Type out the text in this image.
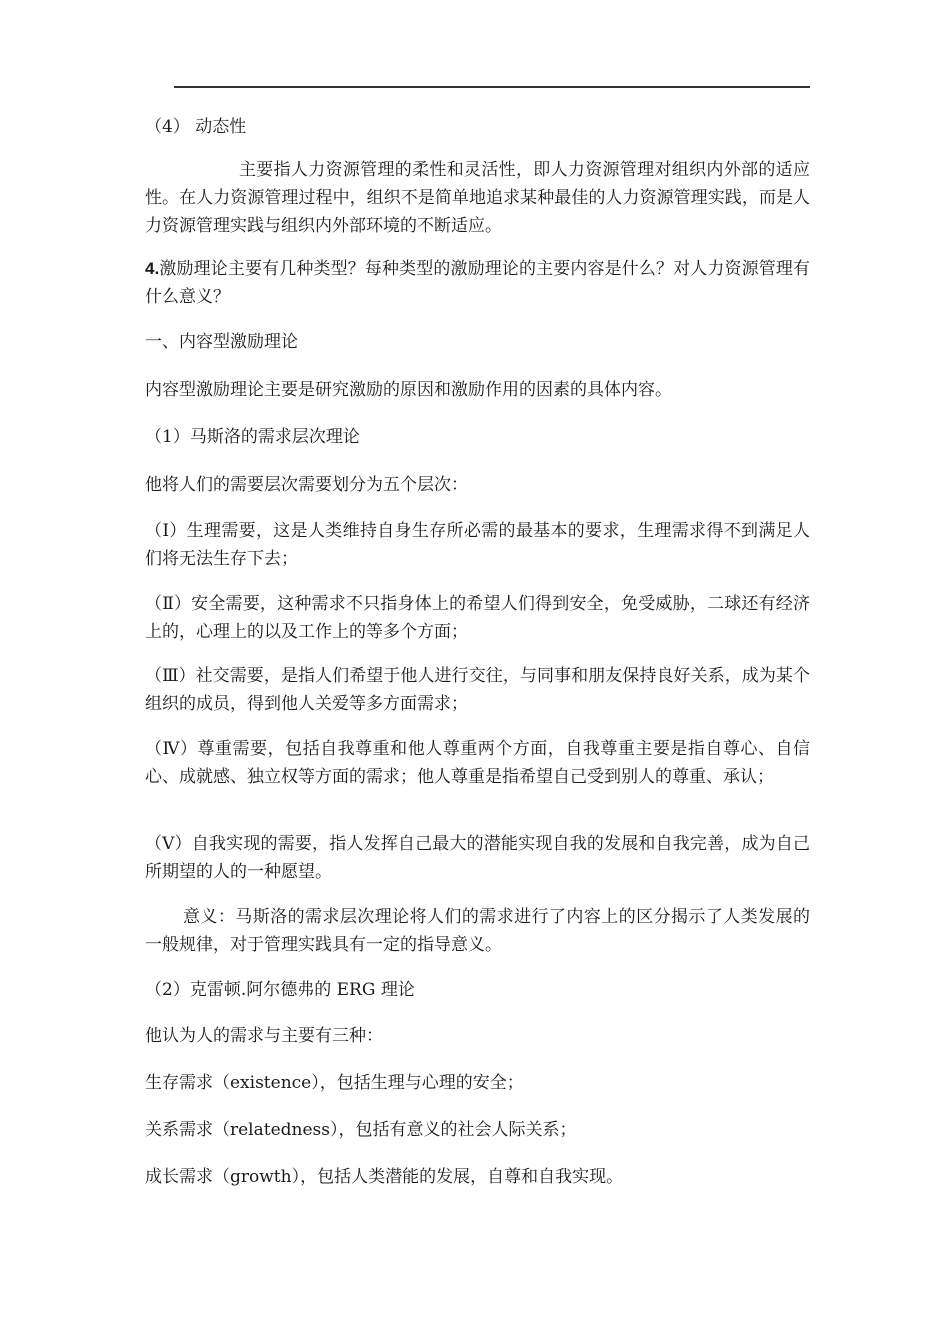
（4） 动态性

主要指人力资源管理的柔性和灵活性，即人力资源管理对组织内外部的适应性。在人力资源管理过程中，组织不是简单地追求某种最佳的人力资源管理实践，而是人力资源管理实践与组织内外部环境的不断适应。

4.激励理论主要有几种类型？每种类型的激励理论的主要内容是什么？对人力资源管理有什么意义？

一、内容型激励理论

内容型激励理论主要是研究激励的原因和激励作用的因素的具体内容。

（1）马斯洛的需求层次理论

他将人们的需要层次需要划分为五个层次：

（Ⅰ）生理需要，这是人类维持自身生存所必需的最基本的要求，生理需求得不到满足人们将无法生存下去；

（Ⅱ）安全需要，这种需求不只指身体上的希望人们得到安全，免受威胁，二球还有经济上的，心理上的以及工作上的等多个方面；

（Ⅲ）社交需要，是指人们希望于他人进行交往，与同事和朋友保持良好关系，成为某个组织的成员，得到他人关爱等多方面需求；

（Ⅳ）尊重需要，包括自我尊重和他人尊重两个方面，自我尊重主要是指自尊心、自信心、成就感、独立权等方面的需求；他人尊重是指希望自己受到别人的尊重、承认；

（Ⅴ）自我实现的需要，指人发挥自己最大的潜能实现自我的发展和自我完善，成为自己所期望的人的一种愿望。

意义：马斯洛的需求层次理论将人们的需求进行了内容上的区分揭示了人类发展的一般规律，对于管理实践具有一定的指导意义。

（2）克雷顿.阿尔德弗的 ERG 理论

他认为人的需求与主要有三种：

生存需求（existence），包括生理与心理的安全；

关系需求（relatedness），包括有意义的社会人际关系；

成长需求（growth），包括人类潜能的发展，自尊和自我实现。
